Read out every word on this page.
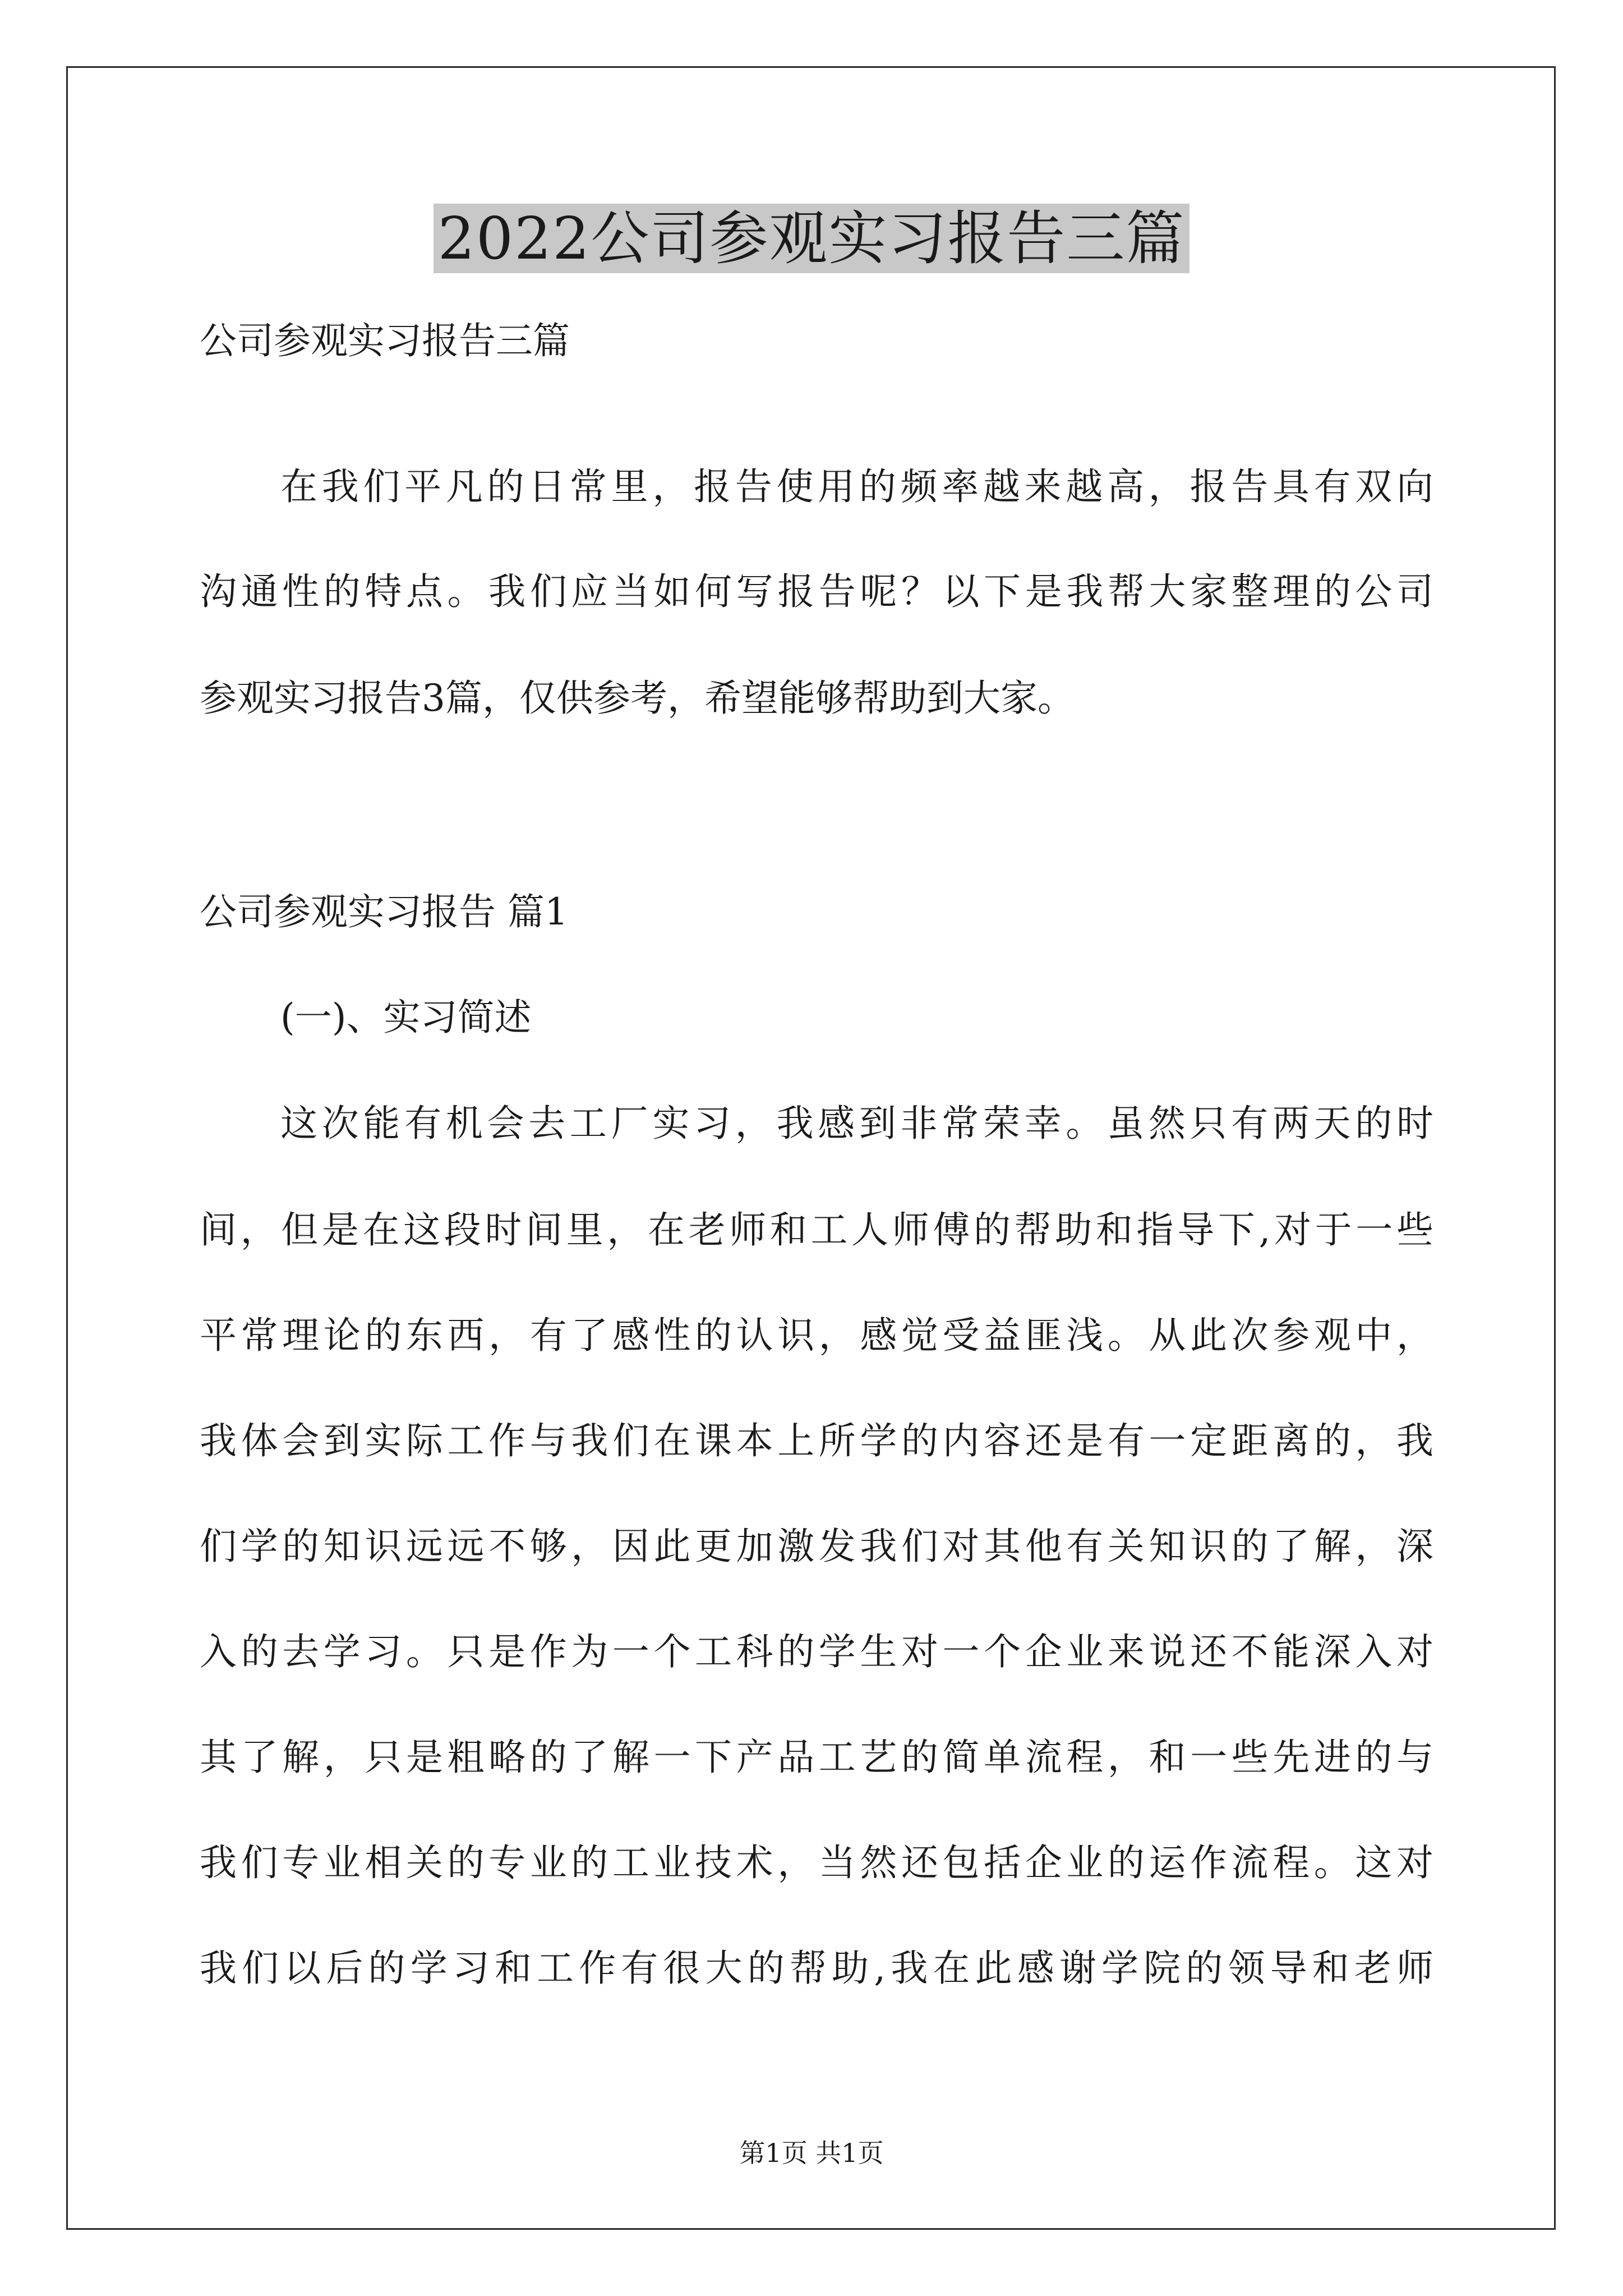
2022公司参观实习报告三篇
公司参观实习报告三篇
在我们平凡的日常里，报告使用的频率越来越高，报告具有双向
沟通性的特点。我们应当如何写报告呢？以下是我帮大家整理的公司
参观实习报告3篇，仅供参考，希望能够帮助到大家。
公司参观实习报告 篇1
(一)、实习简述
这次能有机会去工厂实习，我感到非常荣幸。虽然只有两天的时
间，但是在这段时间里，在老师和工人师傅的帮助和指导下,对于一些
平常理论的东西，有了感性的认识，感觉受益匪浅。从此次参观中，
我体会到实际工作与我们在课本上所学的内容还是有一定距离的，我
们学的知识远远不够，因此更加激发我们对其他有关知识的了解，深
入的去学习。只是作为一个工科的学生对一个企业来说还不能深入对
其了解，只是粗略的了解一下产品工艺的简单流程，和一些先进的与
我们专业相关的专业的工业技术，当然还包括企业的运作流程。这对
我们以后的学习和工作有很大的帮助,我在此感谢学院的领导和老师
第1页 共1页
